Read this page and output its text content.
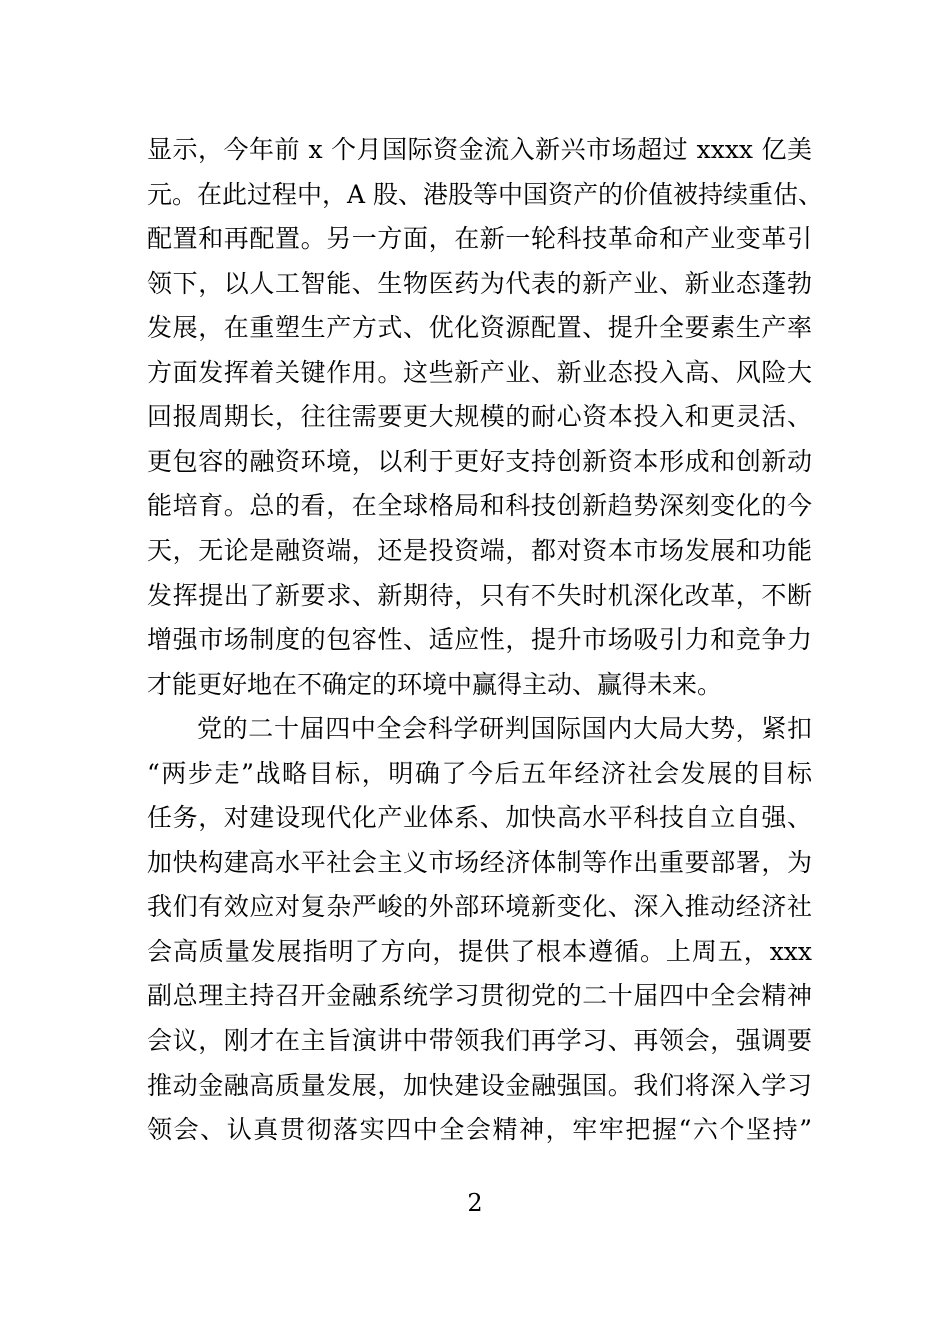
显示，今年前 x 个月国际资金流入新兴市场超过 xxxx 亿美
元。在此过程中，A 股、港股等中国资产的价值被持续重估、
配置和再配置。另一方面，在新一轮科技革命和产业变革引
领下，以人工智能、生物医药为代表的新产业、新业态蓬勃
发展，在重塑生产方式、优化资源配置、提升全要素生产率
方面发挥着关键作用。这些新产业、新业态投入高、风险大
回报周期长，往往需要更大规模的耐心资本投入和更灵活、
更包容的融资环境，以利于更好支持创新资本形成和创新动
能培育。总的看，在全球格局和科技创新趋势深刻变化的今
天，无论是融资端，还是投资端，都对资本市场发展和功能
发挥提出了新要求、新期待，只有不失时机深化改革，不断
增强市场制度的包容性、适应性，提升市场吸引力和竞争力
才能更好地在不确定的环境中赢得主动、赢得未来。
党的二十届四中全会科学研判国际国内大局大势，紧扣
“两步走”战略目标，明确了今后五年经济社会发展的目标
任务，对建设现代化产业体系、加快高水平科技自立自强、
加快构建高水平社会主义市场经济体制等作出重要部署，为
我们有效应对复杂严峻的外部环境新变化、深入推动经济社
会高质量发展指明了方向，提供了根本遵循。上周五，xxx
副总理主持召开金融系统学习贯彻党的二十届四中全会精神
会议，刚才在主旨演讲中带领我们再学习、再领会，强调要
推动金融高质量发展，加快建设金融强国。我们将深入学习
领会、认真贯彻落实四中全会精神，牢牢把握“六个坚持”
2
